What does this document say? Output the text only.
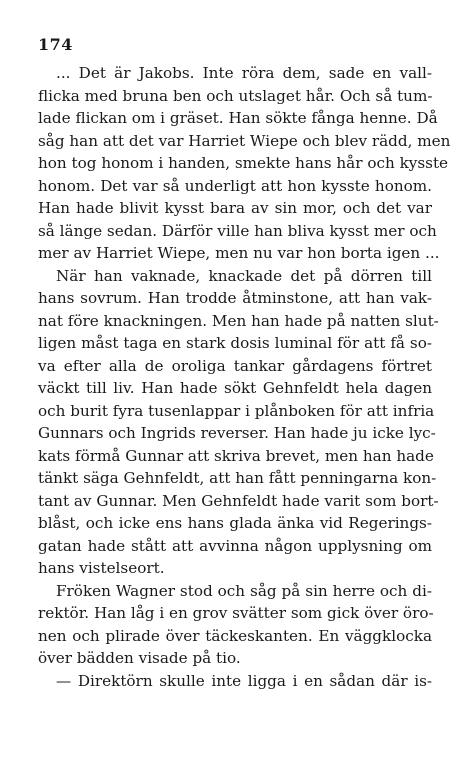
174
... Det är Jakobs. Inte röra dem, sade en vall-
flicka med bruna ben och utslaget hår. Och så tum-
lade flickan om i gräset. Han sökte fånga henne. Då
såg han att det var Harriet Wiepe och blev rädd, men
hon tog honom i handen, smekte hans hår och kysste
honom. Det var så underligt att hon kysste honom.
Han hade blivit kysst bara av sin mor, och det var
så länge sedan. Därför ville han bliva kysst mer och
mer av Harriet Wiepe, men nu var hon borta igen ...
När han vaknade, knackade det på dörren till
hans sovrum. Han trodde åtminstone, att han vak-
nat före knackningen. Men han hade på natten slut-
ligen måst taga en stark dosis luminal för att få so-
va efter alla de oroliga tankar gårdagens förtret
väckt till liv. Han hade sökt Gehnfeldt hela dagen
och burit fyra tusenlappar i plånboken för att infria
Gunnars och Ingrids reverser. Han hade ju icke lyc-
kats förmå Gunnar att skriva brevet, men han hade
tänkt säga Gehnfeldt, att han fått penningarna kon-
tant av Gunnar. Men Gehnfeldt hade varit som bort-
blåst, och icke ens hans glada änka vid Regerings-
gatan hade stått att avvinna någon upplysning om
hans vistelseort.
Fröken Wagner stod och såg på sin herre och di-
rektör. Han låg i en grov svätter som gick över öro-
nen och plirade över täckeskanten. En väggklocka
över bädden visade på tio.
— Direktörn skulle inte ligga i en sådan där is-
